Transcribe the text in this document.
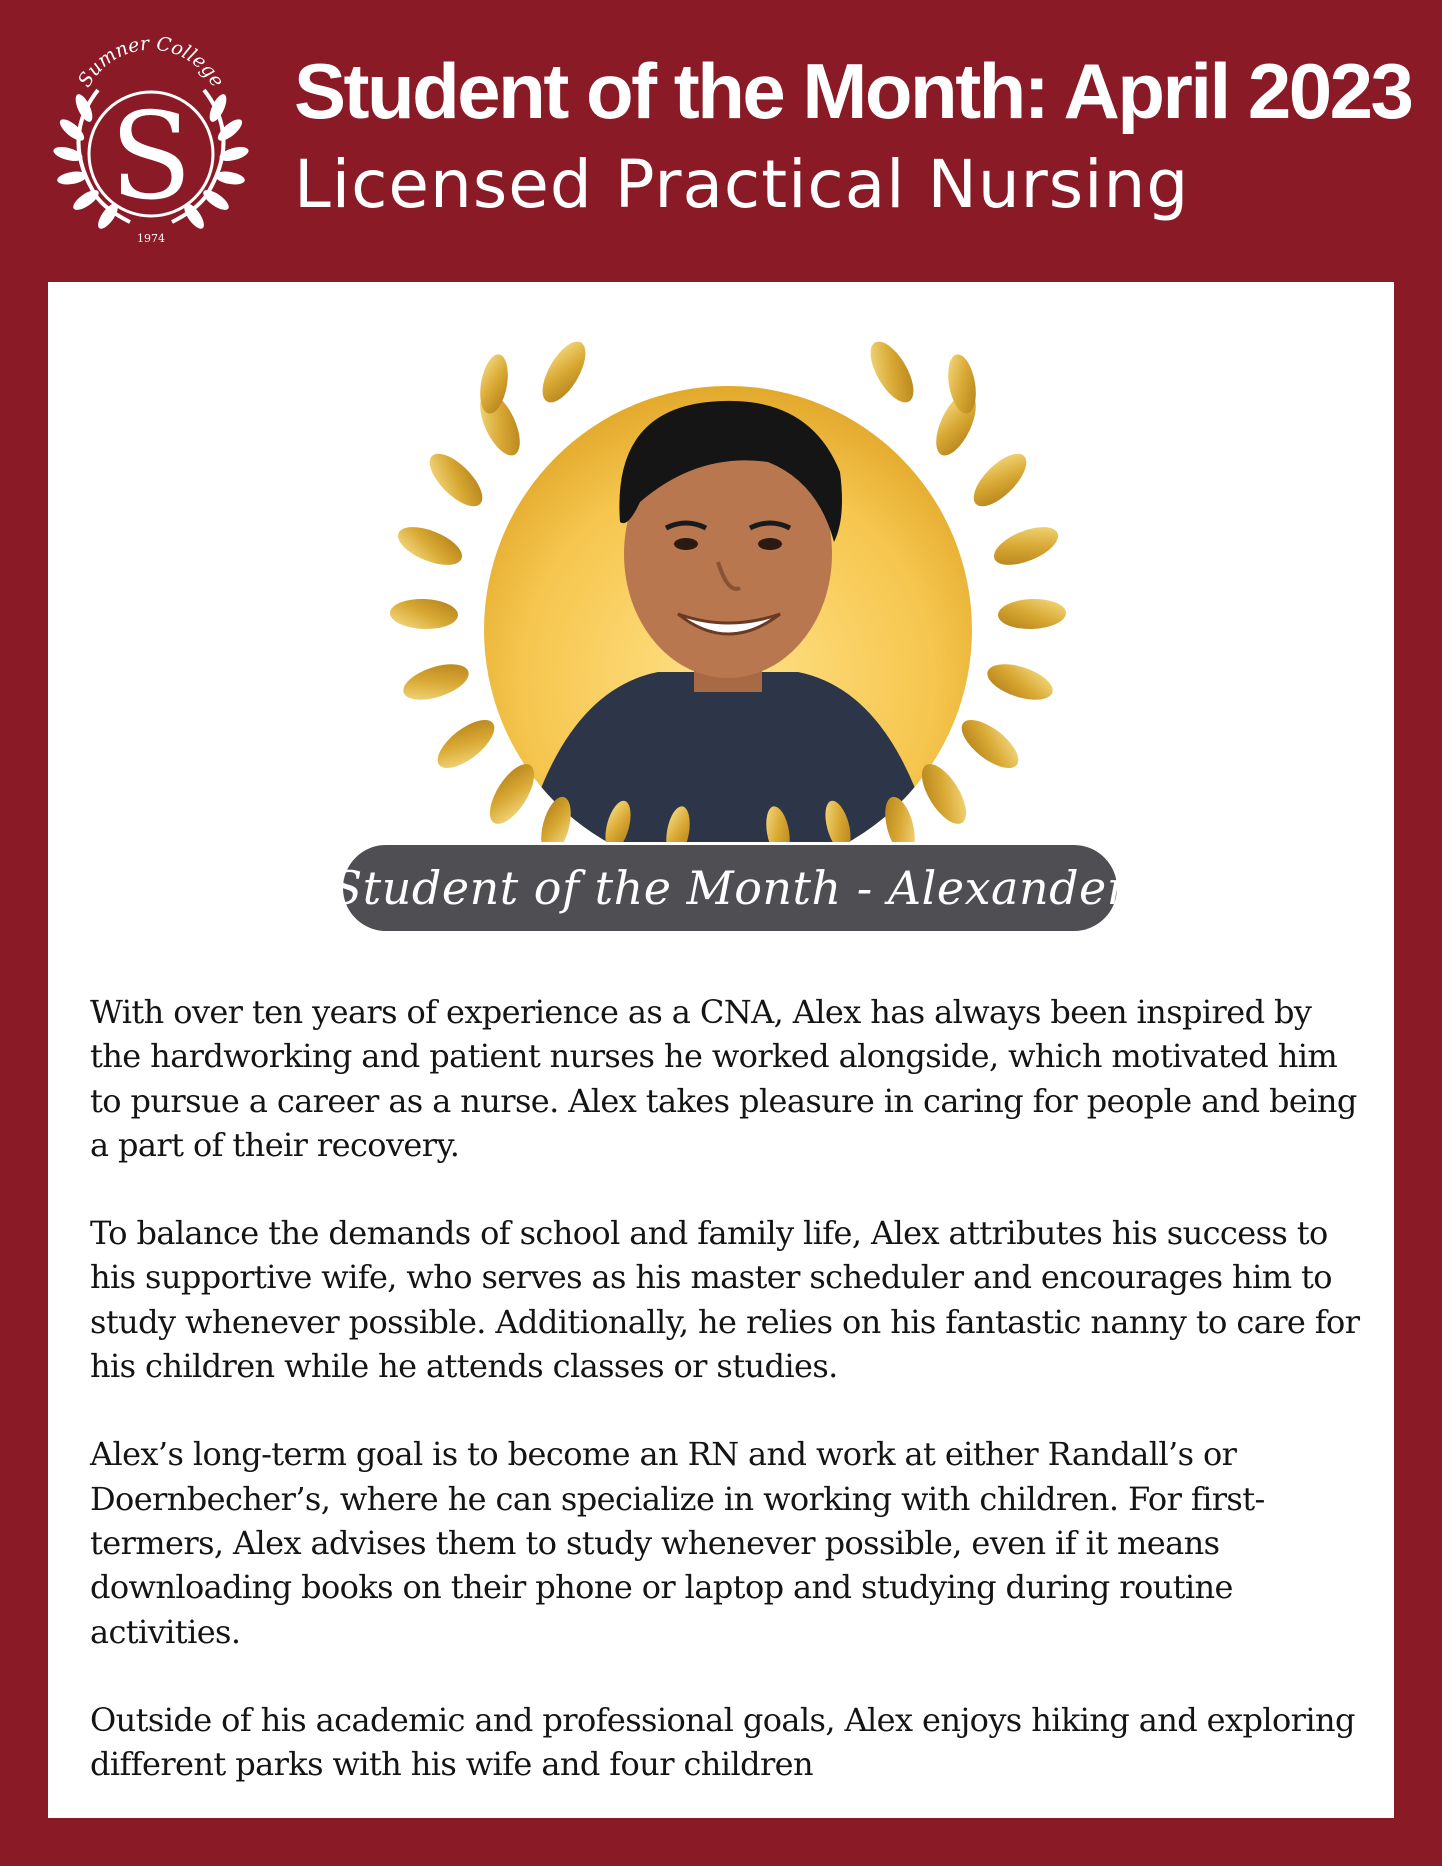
Sumner College
S
1974
Student of the Month: April 2023
Licensed Practical Nursing
Student of the Month - Alexander

With over ten years of experience as a CNA, Alex has always been inspired by the hardworking and patient nurses he worked alongside, which motivated him to pursue a career as a nurse. Alex takes pleasure in caring for people and being a part of their recovery.

To balance the demands of school and family life, Alex attributes his success to his supportive wife, who serves as his master scheduler and encourages him to study whenever possible. Additionally, he relies on his fantastic nanny to care for his children while he attends classes or studies.

Alex’s long-term goal is to become an RN and work at either Randall’s or Doernbecher’s, where he can specialize in working with children. For first-termers, Alex advises them to study whenever possible, even if it means downloading books on their phone or laptop and studying during routine activities.

Outside of his academic and professional goals, Alex enjoys hiking and exploring different parks with his wife and four children
